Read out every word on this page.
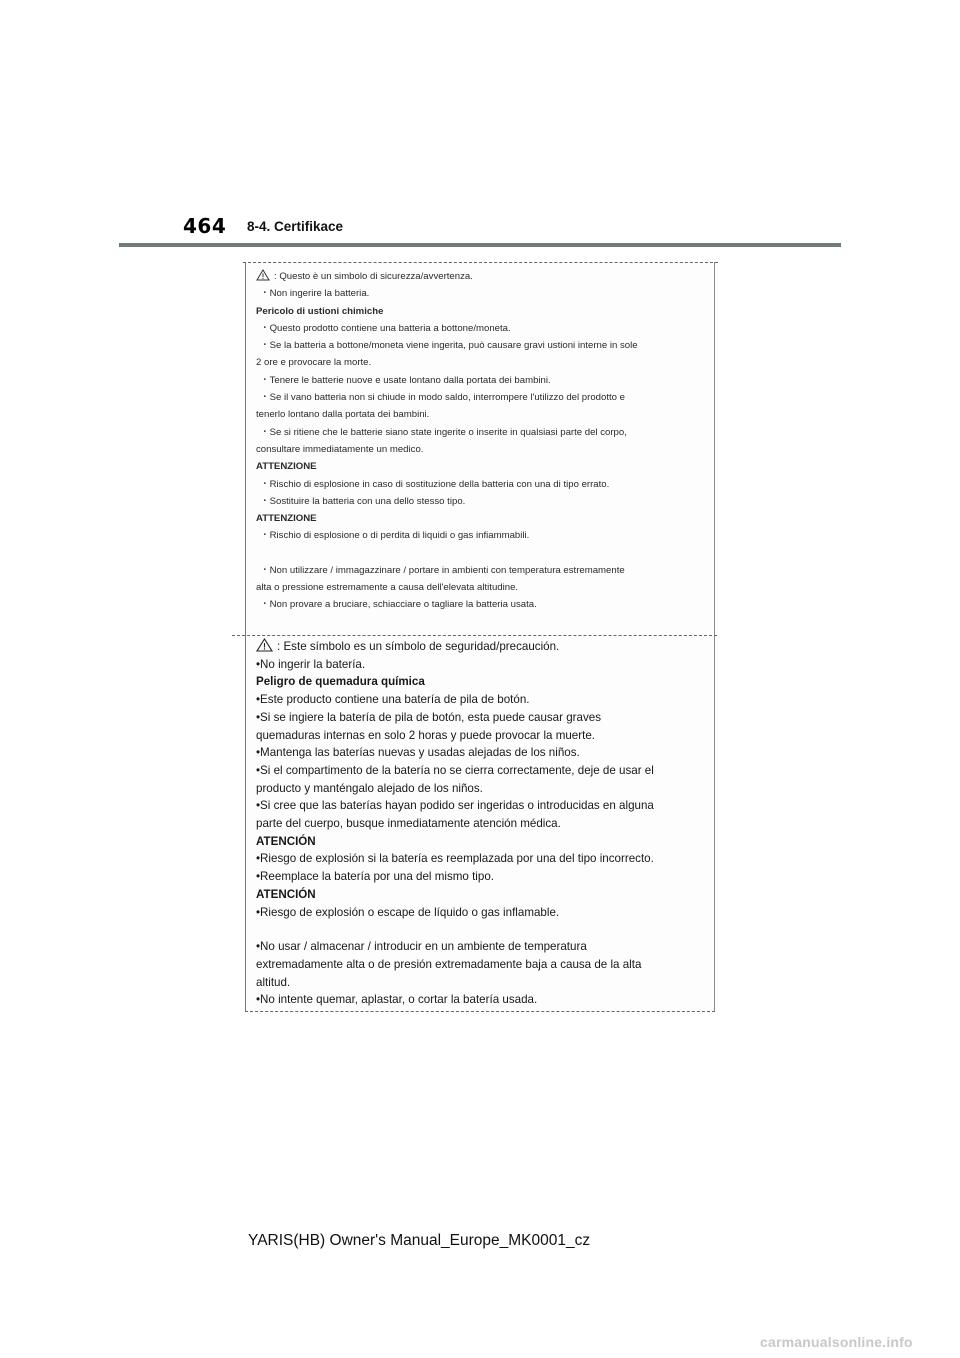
464 8-4. Certifikace
: Questo è un simbolo di sicurezza/avvertenza.
・Non ingerire la batteria.
Pericolo di ustioni chimiche
・Questo prodotto contiene una batteria a bottone/moneta.
・Se la batteria a bottone/moneta viene ingerita, può causare gravi ustioni interne in sole
2 ore e provocare la morte.
・Tenere le batterie nuove e usate lontano dalla portata dei bambini.
・Se il vano batteria non si chiude in modo saldo, interrompere l'utilizzo del prodotto e
tenerlo lontano dalla portata dei bambini.
・Se si ritiene che le batterie siano state ingerite o inserite in qualsiasi parte del corpo,
consultare immediatamente un medico.
ATTENZIONE
・Rischio di esplosione in caso di sostituzione della batteria con una di tipo errato.
・Sostituire la batteria con una dello stesso tipo.
ATTENZIONE
・Rischio di esplosione o di perdita di liquidi o gas infiammabili.
・Non utilizzare / immagazzinare / portare in ambienti con temperatura estremamente
alta o pressione estremamente a causa dell'elevata altitudine.
・Non provare a bruciare, schiacciare o tagliare la batteria usata.
: Este símbolo es un símbolo de seguridad/precaución.
•No ingerir la batería.
Peligro de quemadura química
•Este producto contiene una batería de pila de botón.
•Si se ingiere la batería de pila de botón, esta puede causar graves
quemaduras internas en solo 2 horas y puede provocar la muerte.
•Mantenga las baterías nuevas y usadas alejadas de los niños.
•Si el compartimento de la batería no se cierra correctamente, deje de usar el
producto y manténgalo alejado de los niños.
•Si cree que las baterías hayan podido ser ingeridas o introducidas en alguna
parte del cuerpo, busque inmediatamente atención médica.
ATENCIÓN
•Riesgo de explosión si la batería es reemplazada por una del tipo incorrecto.
•Reemplace la batería por una del mismo tipo.
ATENCIÓN
•Riesgo de explosión o escape de líquido o gas inflamable.
•No usar / almacenar / introducir en un ambiente de temperatura
extremadamente alta o de presión extremadamente baja a causa de la alta
altitud.
•No intente quemar, aplastar, o cortar la batería usada.
YARIS(HB) Owner's Manual_Europe_MK0001_cz
carmanualsonline.info
